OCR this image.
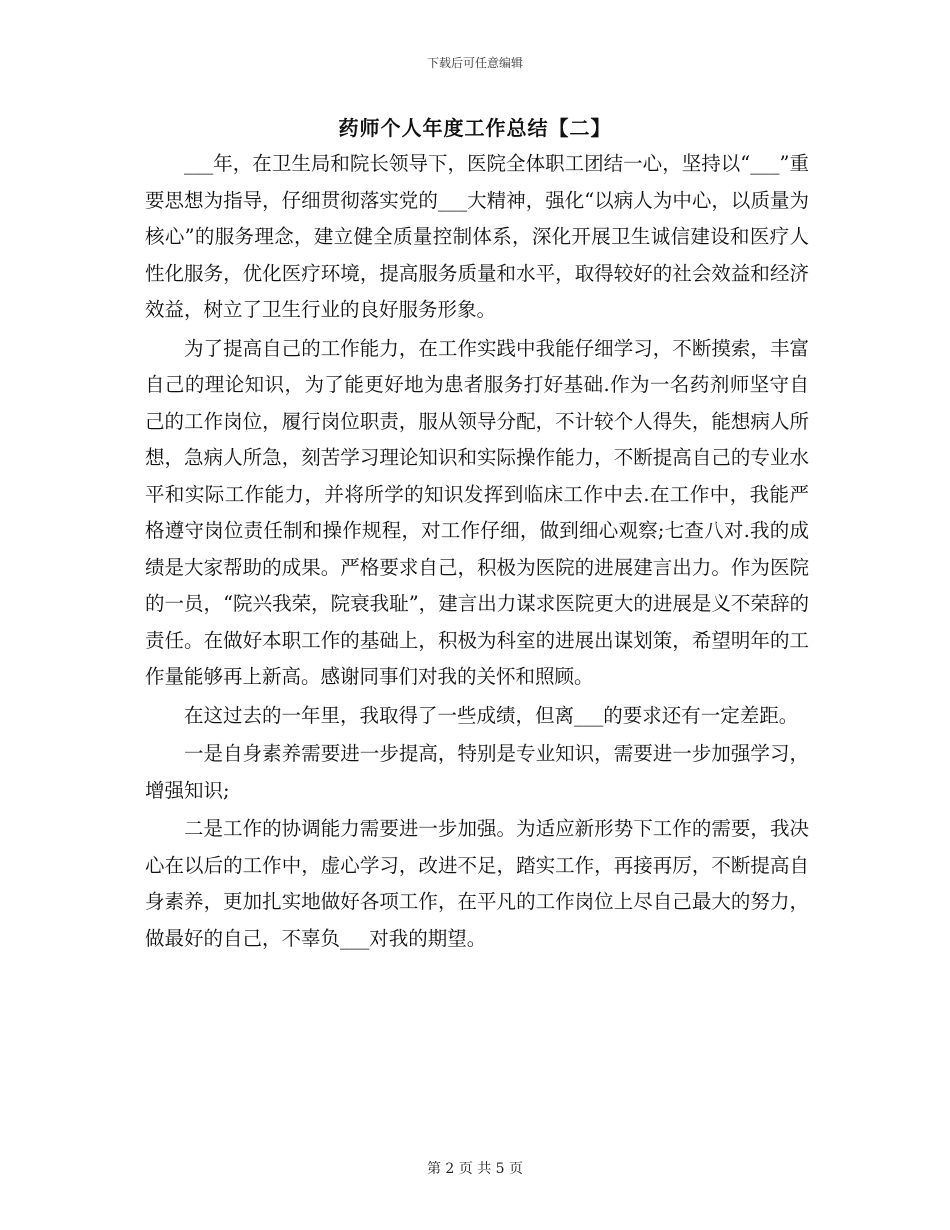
下载后可任意编辑
药师个人年度工作总结【二】

___年，在卫生局和院长领导下，医院全体职工团结一心，坚持以“___”重要思想为指导，仔细贯彻落实党的___大精神，强化“以病人为中心，以质量为核心”的服务理念，建立健全质量控制体系，深化开展卫生诚信建设和医疗人性化服务，优化医疗环境，提高服务质量和水平，取得较好的社会效益和经济效益，树立了卫生行业的良好服务形象。

为了提高自己的工作能力，在工作实践中我能仔细学习，不断摸索，丰富自己的理论知识，为了能更好地为患者服务打好基础.作为一名药剂师坚守自己的工作岗位，履行岗位职责，服从领导分配，不计较个人得失，能想病人所想，急病人所急，刻苦学习理论知识和实际操作能力，不断提高自己的专业水平和实际工作能力，并将所学的知识发挥到临床工作中去.在工作中，我能严格遵守岗位责任制和操作规程，对工作仔细，做到细心观察;七查八对.我的成绩是大家帮助的成果。严格要求自己，积极为医院的进展建言出力。作为医院的一员，“院兴我荣，院衰我耻”，建言出力谋求医院更大的进展是义不荣辞的责任。在做好本职工作的基础上，积极为科室的进展出谋划策，希望明年的工作量能够再上新高。感谢同事们对我的关怀和照顾。

在这过去的一年里，我取得了一些成绩，但离___的要求还有一定差距。

一是自身素养需要进一步提高，特别是专业知识，需要进一步加强学习，增强知识;

二是工作的协调能力需要进一步加强。为适应新形势下工作的需要，我决心在以后的工作中，虚心学习，改进不足，踏实工作，再接再厉，不断提高自身素养，更加扎实地做好各项工作，在平凡的工作岗位上尽自己最大的努力，做最好的自己，不辜负___对我的期望。

第 2 页 共 5 页
